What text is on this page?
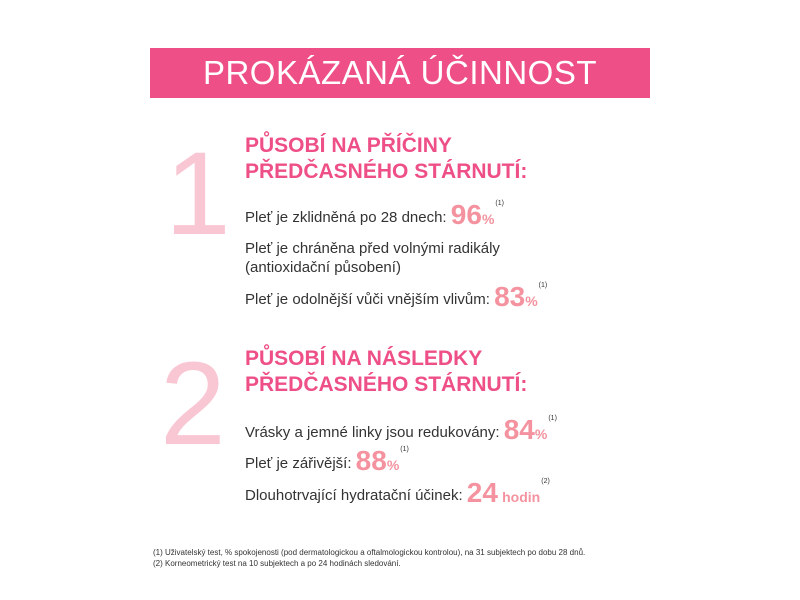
PROKÁZANÁ ÚČINNOST
1 PŮSOBÍ NA PŘÍČINY
PŘEDČASNÉHO STÁRNUTÍ:
Pleť je zklidněná po 28 dnech: 96%$^{(1)}$
Pleť je chráněna před volnými radikály
(antioxidační působení)
Pleť je odolnější vůči vnějším vlivům: 83%$^{(1)}$
2 PŮSOBÍ NA NÁSLEDKY
PŘEDČASNÉHO STÁRNUTÍ:
Vrásky a jemné linky jsou redukovány: 84%$^{(1)}$
Pleť je zářivější: 88%$^{(1)}$
Dlouhotrvající hydratační účinek: 24 hodin$^{(2)}$
(1) Uživatelský test, % spokojenosti (pod dermatologickou a oftalmologickou kontrolou), na 31 subjektech po dobu 28 dnů.
(2) Korneometrický test na 10 subjektech a po 24 hodinách sledování.
